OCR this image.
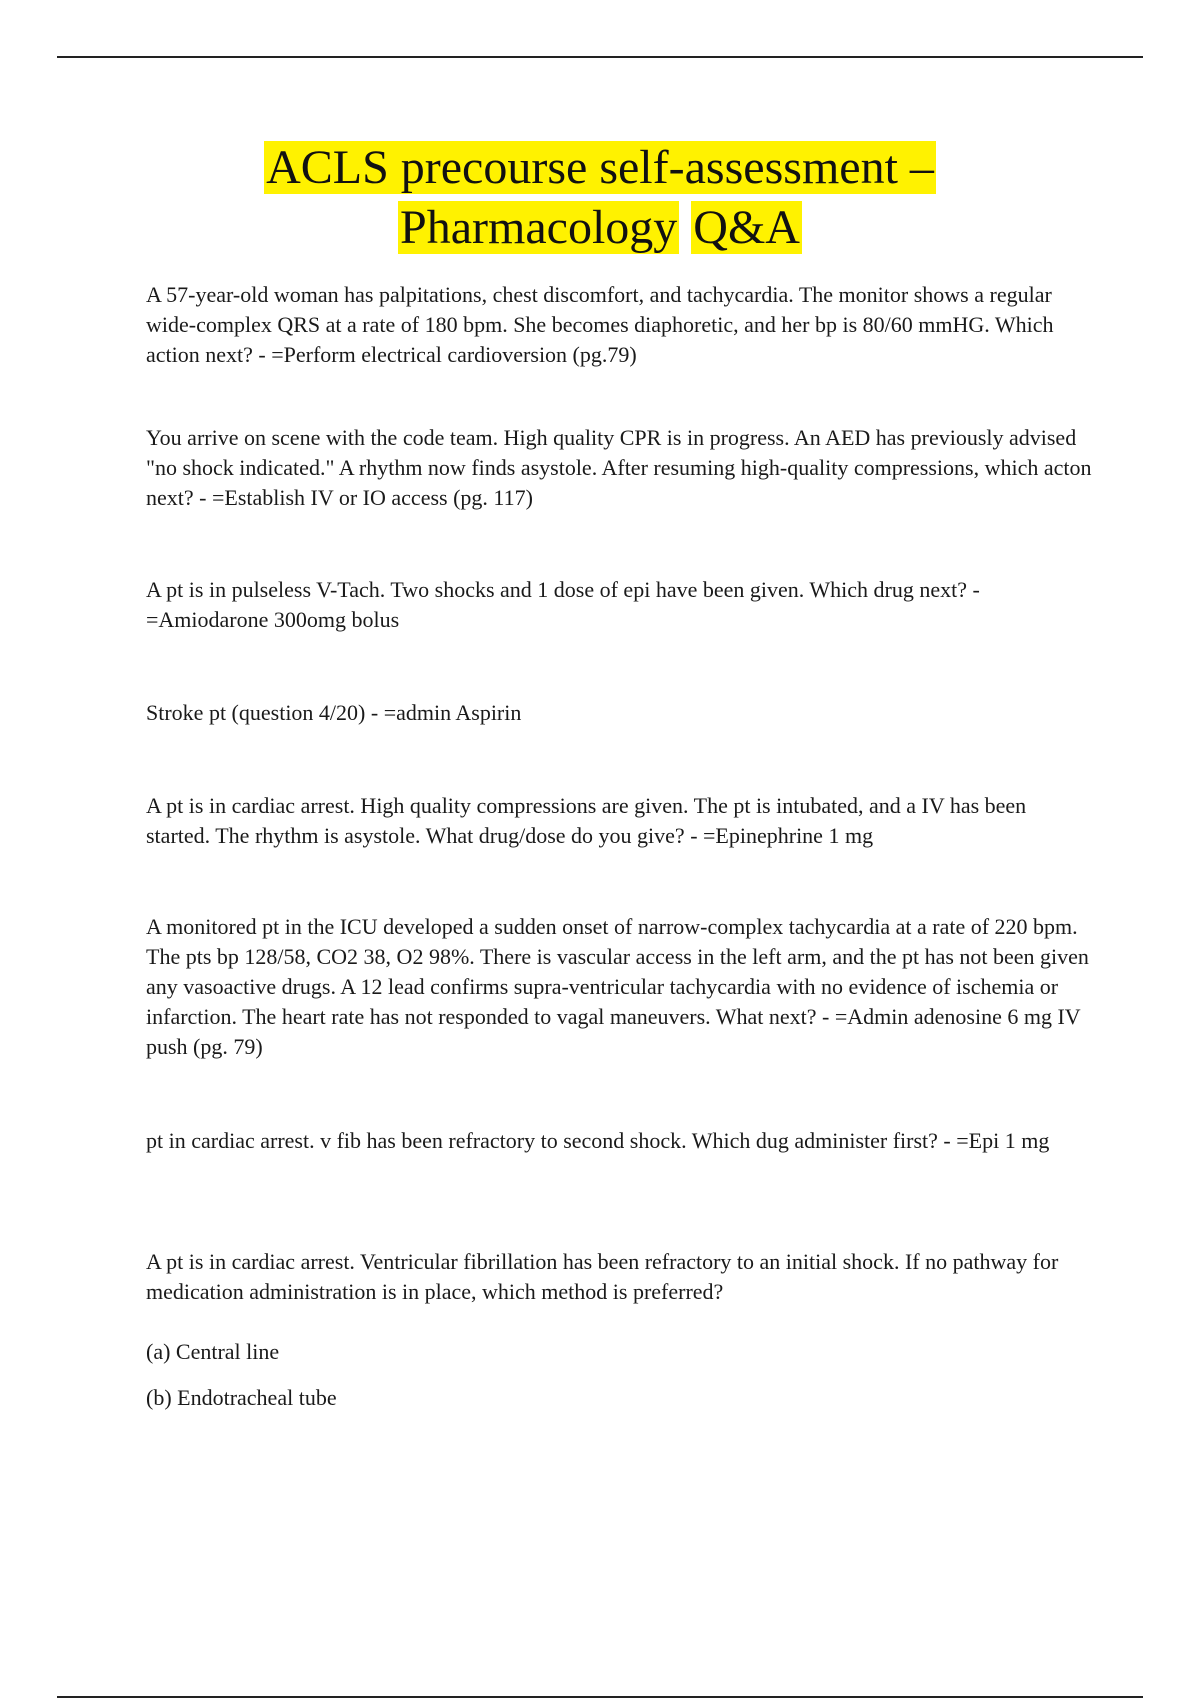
ACLS precourse self-assessment –
Pharmacology Q&A

A 57-year-old woman has palpitations, chest discomfort, and tachycardia. The monitor shows a regular wide-complex QRS at a rate of 180 bpm. She becomes diaphoretic, and her bp is 80/60 mmHG. Which action next? - =Perform electrical cardioversion (pg.79)

You arrive on scene with the code team. High quality CPR is in progress. An AED has previously advised "no shock indicated." A rhythm now finds asystole. After resuming high-quality compressions, which acton next? - =Establish IV or IO access (pg. 117)

A pt is in pulseless V-Tach. Two shocks and 1 dose of epi have been given. Which drug next? - =Amiodarone 300omg bolus

Stroke pt (question 4/20) - =admin Aspirin

A pt is in cardiac arrest. High quality compressions are given. The pt is intubated, and a IV has been started. The rhythm is asystole. What drug/dose do you give? - =Epinephrine 1 mg

A monitored pt in the ICU developed a sudden onset of narrow-complex tachycardia at a rate of 220 bpm. The pts bp 128/58, CO2 38, O2 98%. There is vascular access in the left arm, and the pt has not been given any vasoactive drugs. A 12 lead confirms supra-ventricular tachycardia with no evidence of ischemia or infarction. The heart rate has not responded to vagal maneuvers. What next? - =Admin adenosine 6 mg IV push (pg. 79)

pt in cardiac arrest. v fib has been refractory to second shock. Which dug administer first? - =Epi 1 mg

A pt is in cardiac arrest. Ventricular fibrillation has been refractory to an initial shock. If no pathway for medication administration is in place, which method is preferred?

(a) Central line

(b) Endotracheal tube
